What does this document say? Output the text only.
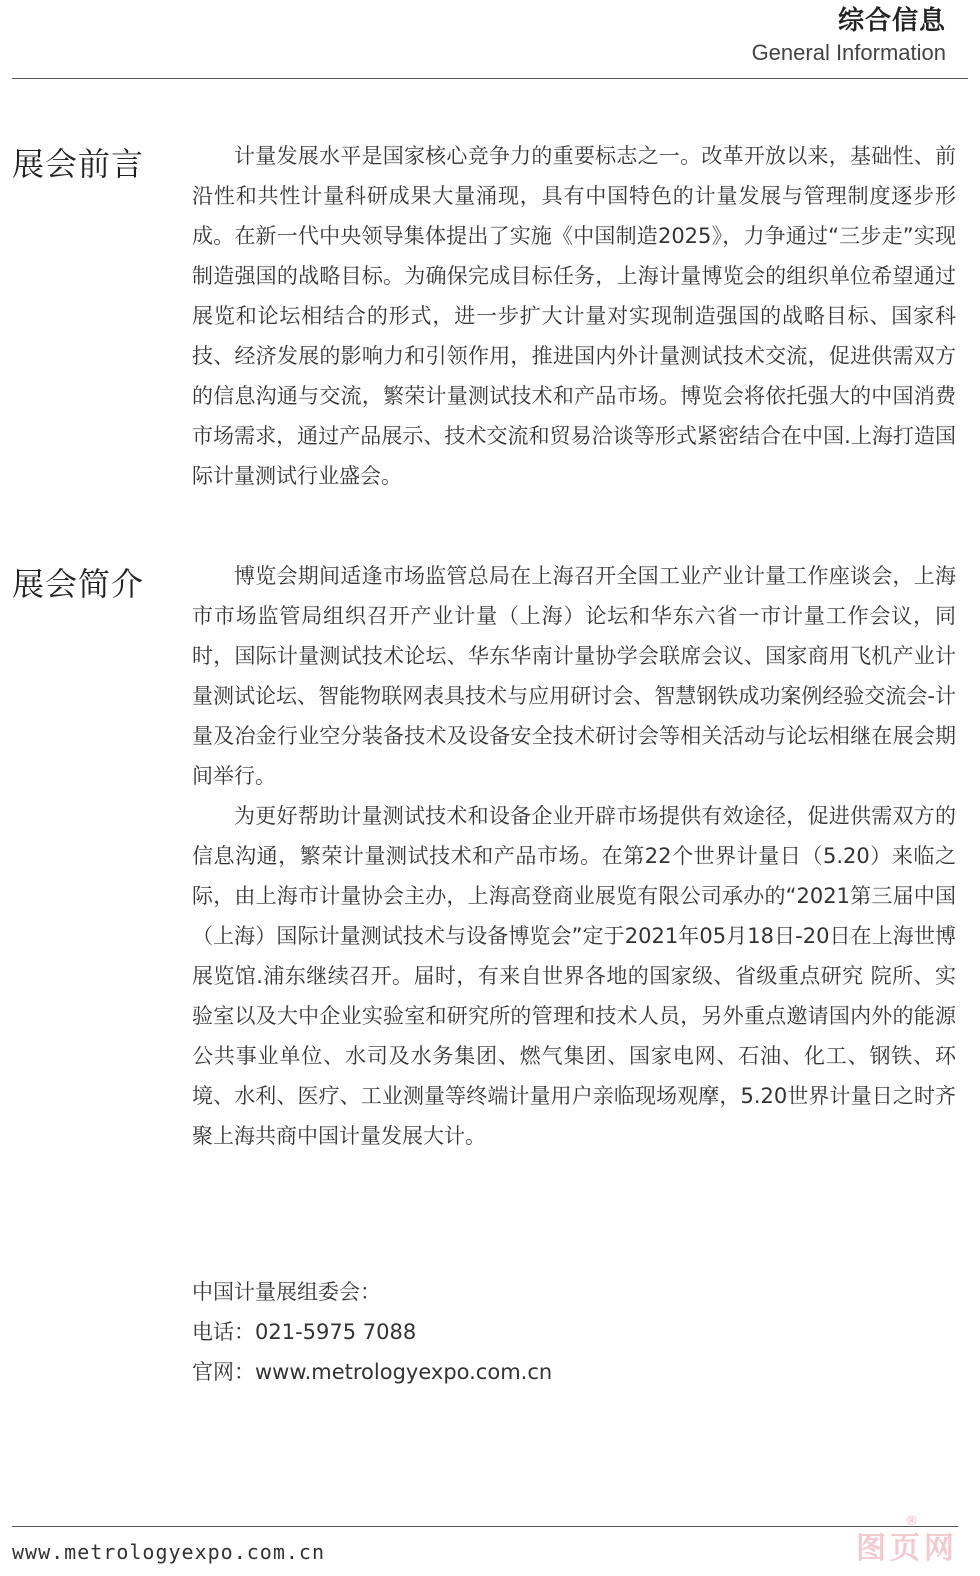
综合信息
General Information
展会前言	计量发展水平是国家核心竞争力的重要标志之一。改革开放以来，基础性、前沿性和共性计量科研成果大量涌现，具有中国特色的计量发展与管理制度逐步形成。在新一代中央领导集体提出了实施《中国制造2025》，力争通过“三步走”实现制造强国的战略目标。为确保完成目标任务，上海计量博览会的组织单位希望通过展览和论坛相结合的形式，进一步扩大计量对实现制造强国的战略目标、国家科技、经济发展的影响力和引领作用，推进国内外计量测试技术交流，促进供需双方的信息沟通与交流，繁荣计量测试技术和产品市场。博览会将依托强大的中国消费市场需求，通过产品展示、技术交流和贸易洽谈等形式紧密结合在中国.上海打造国际计量测试行业盛会。

展会简介	博览会期间适逢市场监管总局在上海召开全国工业产业计量工作座谈会，上海市市场监管局组织召开产业计量（上海）论坛和华东六省一市计量工作会议，同时，国际计量测试技术论坛、华东华南计量协学会联席会议、国家商用飞机产业计量测试论坛、智能物联网表具技术与应用研讨会、智慧钢铁成功案例经验交流会-计量及冶金行业空分装备技术及设备安全技术研讨会等相关活动与论坛相继在展会期间举行。

为更好帮助计量测试技术和设备企业开辟市场提供有效途径，促进供需双方的信息沟通，繁荣计量测试技术和产品市场。在第22个世界计量日（5.20）来临之际，由上海市计量协会主办，上海高登商业展览有限公司承办的“2021第三届中国（上海）国际计量测试技术与设备博览会”定于2021年05月18日-20日在上海世博展览馆.浦东继续召开。届时，有来自世界各地的国家级、省级重点研究 院所、实验室以及大中企业实验室和研究所的管理和技术人员，另外重点邀请国内外的能源公共事业单位、水司及水务集团、燃气集团、国家电网、石油、化工、钢铁、环境、水利、医疗、工业测量等终端计量用户亲临现场观摩，5.20世界计量日之时齐聚上海共商中国计量发展大计。

中国计量展组委会：
电话：021-5975 7088
官网：www.metrologyexpo.com.cn
www.metrologyexpo.com.cn
®
图页网
